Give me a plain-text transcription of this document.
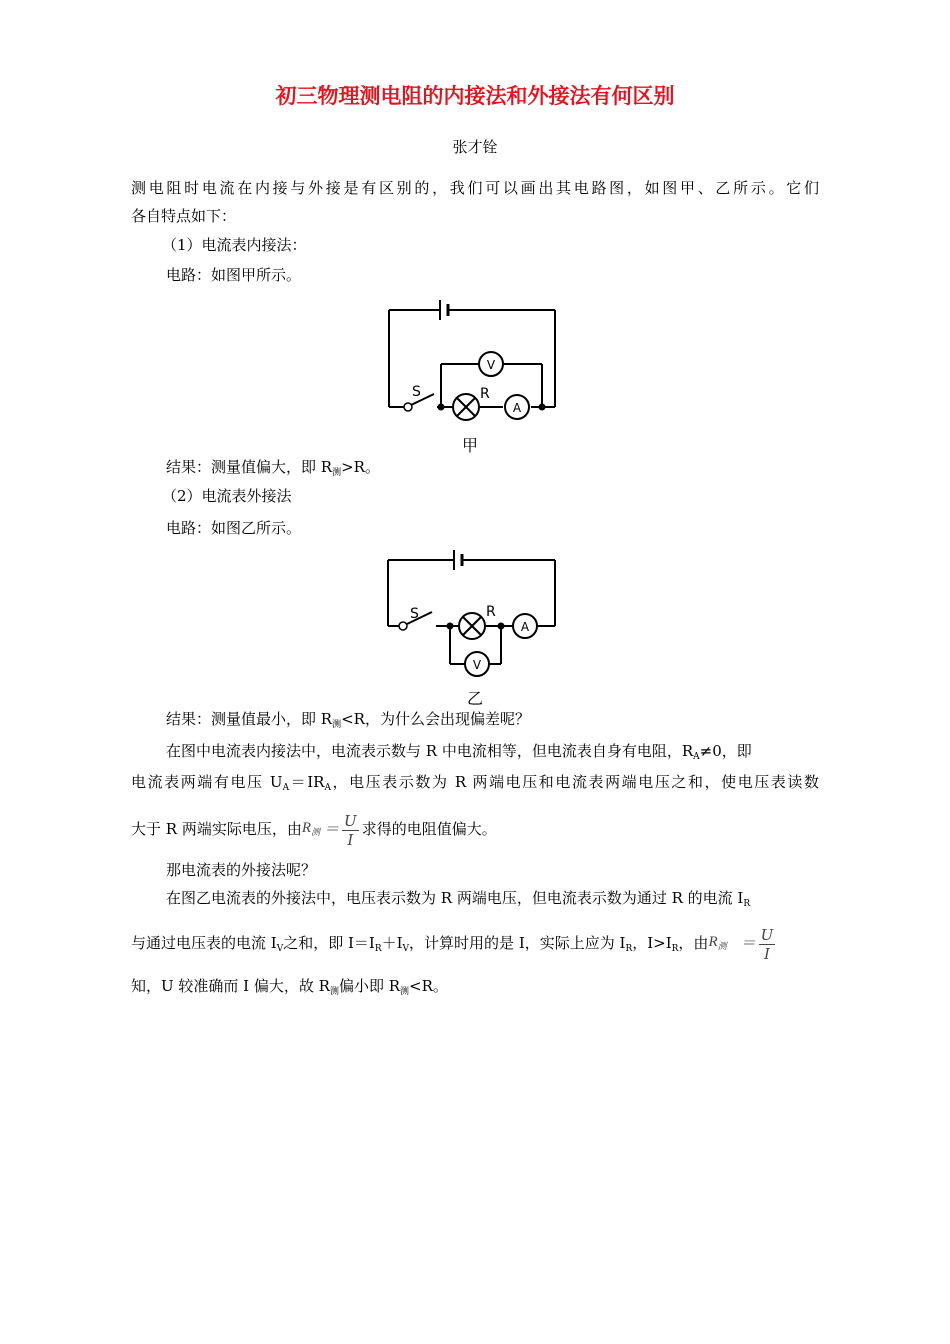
初三物理测电阻的内接法和外接法有何区别
张才铨
测电阻时电流在内接与外接是有区别的，我们可以画出其电路图，如图甲、乙所示。它们
各自特点如下：
（1）电流表内接法：
电路：如图甲所示。
V
A
S	R
甲
结果：测量值偏大，即 $R_测>R$。
（2）电流表外接法
电路：如图乙所示。
A
V
S	R
乙
结果：测量值最小，即 $R_测<R$，为什么会出现偏差呢？
在图中电流表内接法中，电流表示数与 R 中电流相等，但电流表自身有电阻，$R_A\ne 0$，即
电流表两端有电压 $U_A=IR_A$，电压表示数为 R 两端电压和电流表两端电压之和，使电压表读数
大于 R 两端实际电压，由$R_测 = \frac{U}{I}$ 求得的电阻值偏大。
那电流表的外接法呢？
在图乙电流表的外接法中，电压表示数为 R 两端电压，但电流表示数为通过 R 的电流 $I_R$
与通过电压表的电流 $I_V$之和，即 $I=I_R+I_V$，计算时用的是 I，实际上应为 $I_R$，$I>I_R$，由$R_测 = \frac{U}{I}$
知，U 较准确而 I 偏大，故 $R_测$偏小即 $R_测<R$。
